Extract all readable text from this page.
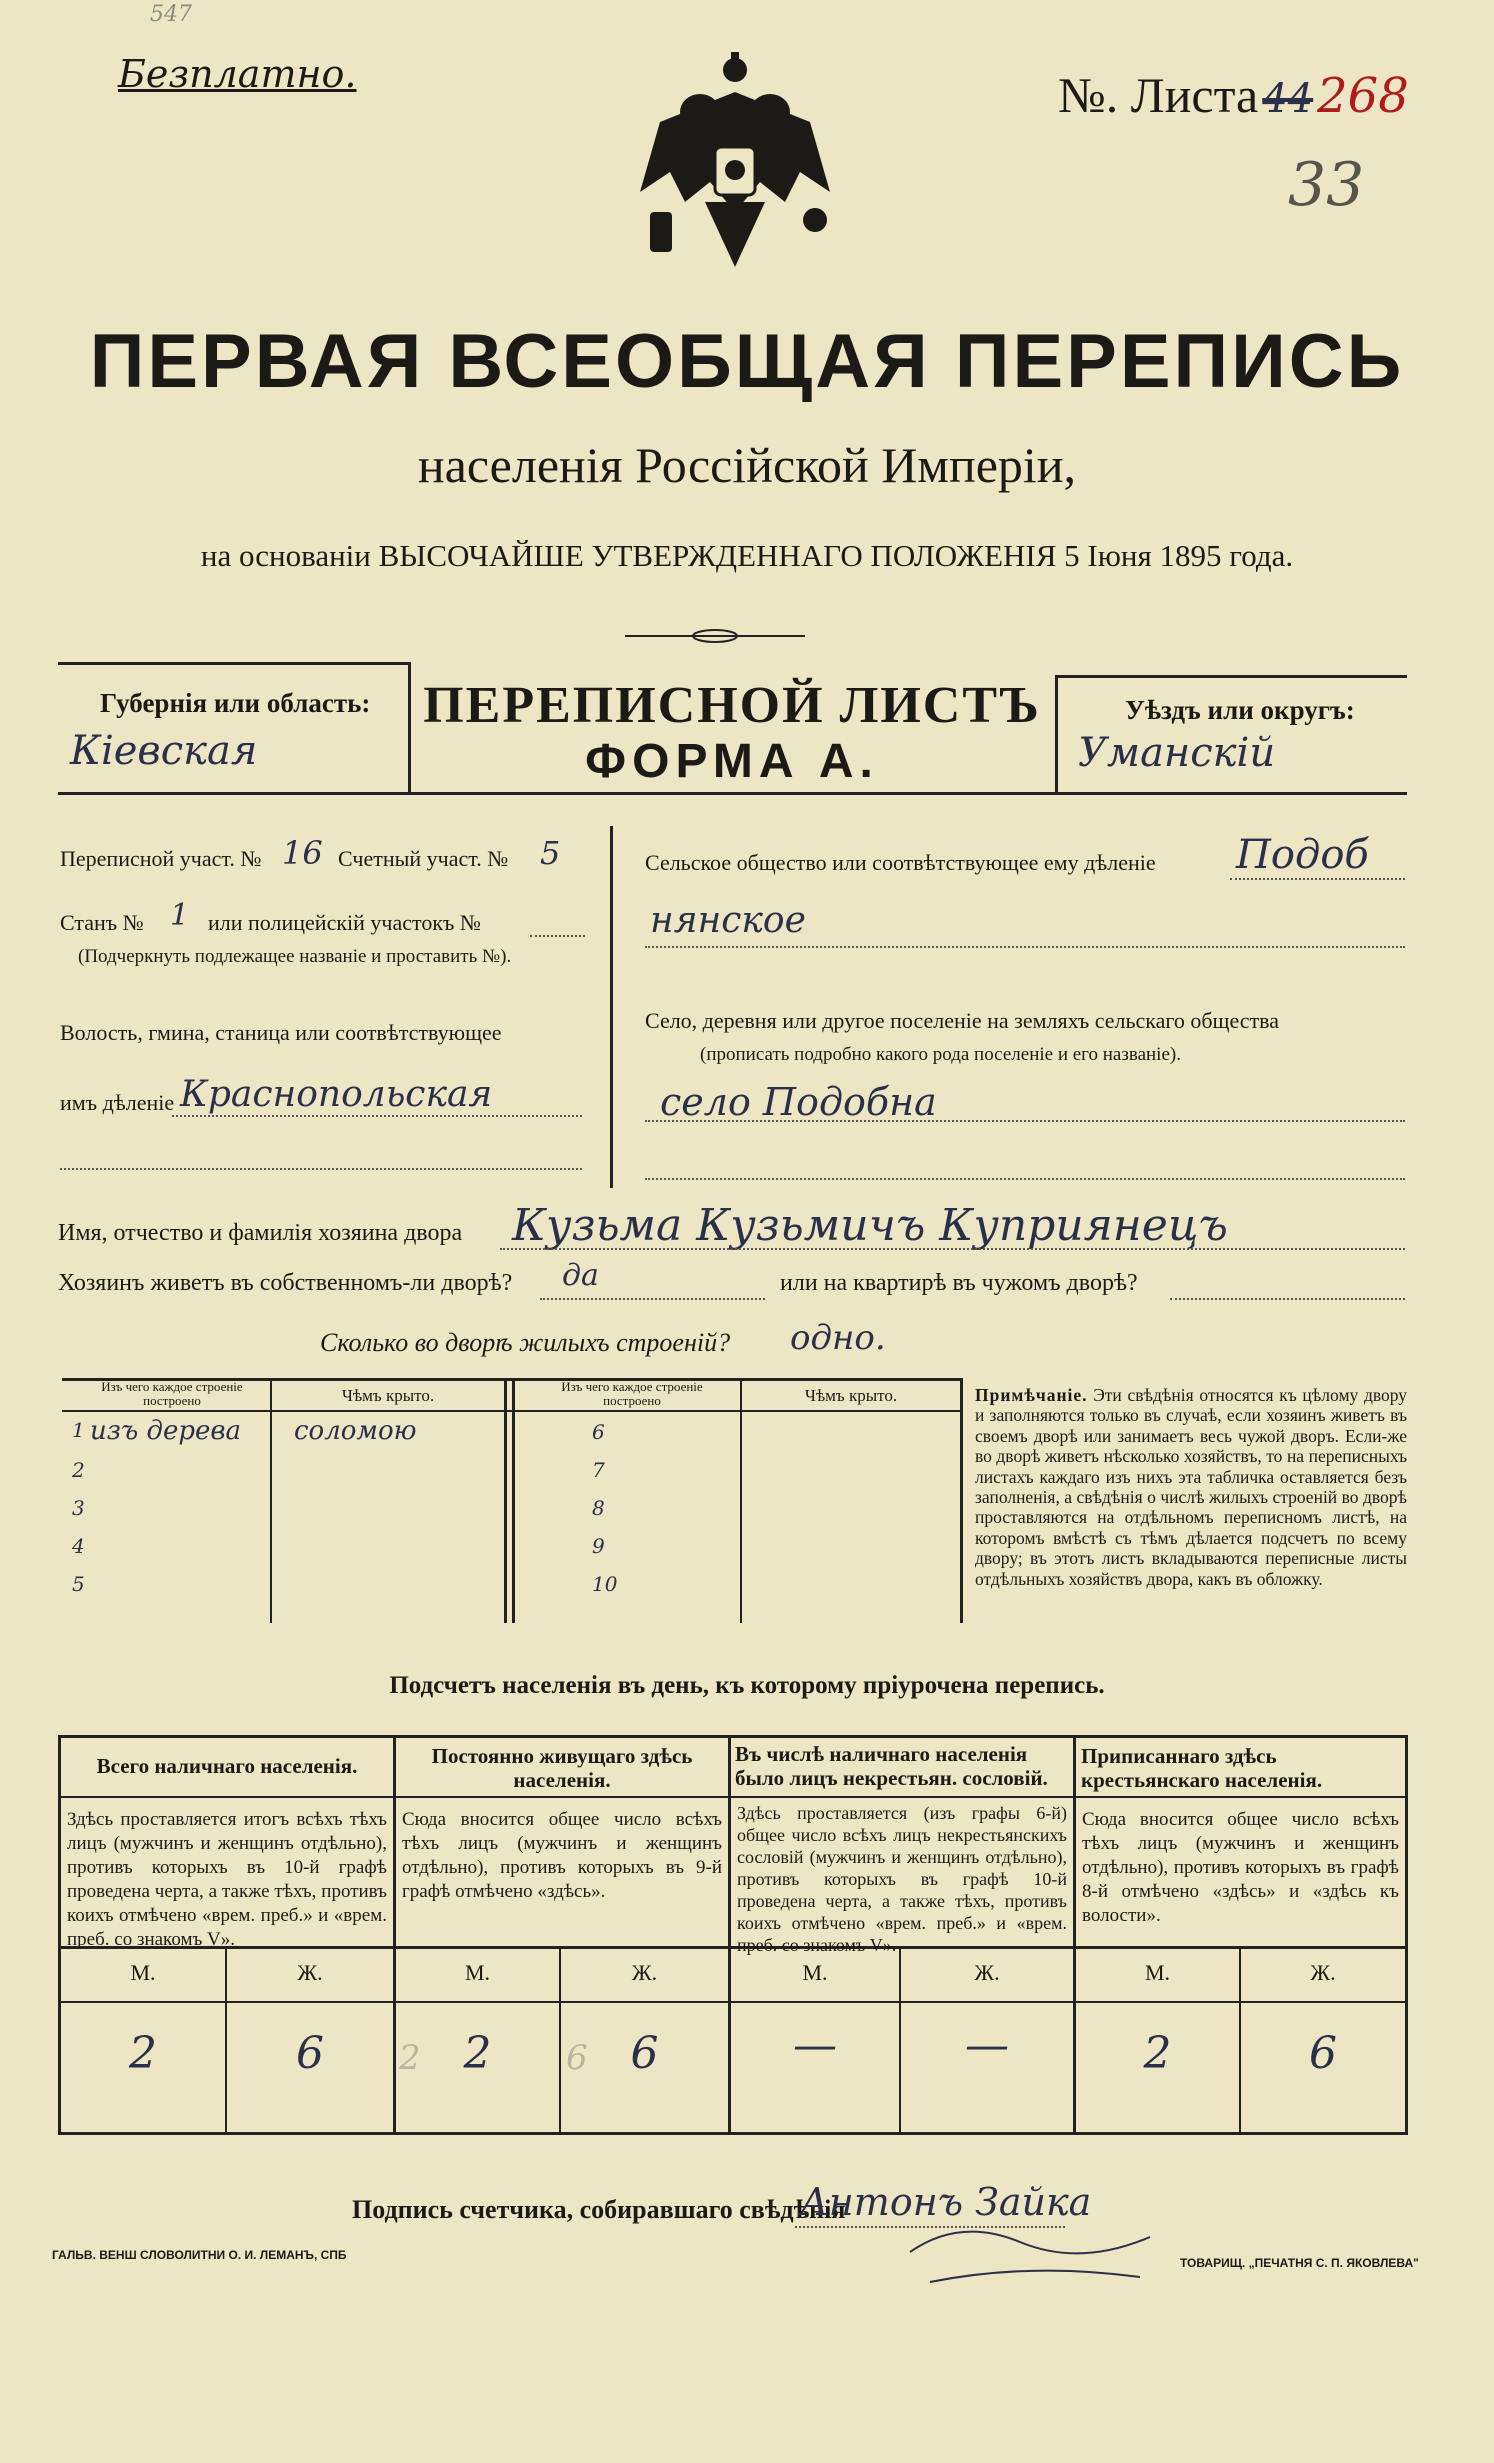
547
Безплатно.	№. Листа 44 268
33
ПЕРВАЯ ВСЕОБЩАЯ ПЕРЕПИСЬ
населенія Россійской Имперіи,
на основаніи ВЫСОЧАЙШЕ УТВЕРЖДЕННАГО ПОЛОЖЕНІЯ 5 Іюня 1895 года.
Губернія или область:
Кіевская
ПЕРЕПИСНОЙ ЛИСТЪ
ФОРМА А.
Уѣздъ или округъ:
Уманскій
Переписной участ. № 16 Счетный участ. № 5
Станъ № 1 или полицейскій участокъ №
(Подчеркнуть подлежащее названіе и проставить №).
Волость, гмина, станица или соотвѣтствующее
имъ дѣленіе Краснопольская
Сельское общество или соотвѣтствующее ему дѣленіе Подоб
нянское
Село, деревня или другое поселеніе на земляхъ сельскаго общества
(прописать подробно какого рода поселеніе и его названіе).
село Подобна
Имя, отчество и фамилія хозяина двора Кузьма Кузьмичъ Куприянецъ
Хозяинъ живетъ въ собственномъ-ли дворѣ? да	или на квартирѣ въ чужомъ дворѣ?
Сколько во дворѣ жилыхъ строеній? одно.
Изъ чего каждое строеніе построено	Чѣмъ крыто.	Изъ чего каждое строеніе построено	Чѣмъ крыто.
1 изъ дерева соломою
2
3
4
5
6
7
8
9
10
Примѣчаніе. Эти свѣдѣнія относятся къ цѣлому двору и заполняются только въ случаѣ, если хозяинъ живетъ въ своемъ дворѣ или занимаетъ весь чужой дворъ. Если-же во дворѣ живетъ нѣсколько хозяйствъ, то на переписныхъ листахъ каждаго изъ нихъ эта табличка оставляется безъ заполненія, а свѣдѣнія о числѣ жилыхъ строеній во дворѣ проставляются на отдѣльномъ переписномъ листѣ, на которомъ вмѣстѣ съ тѣмъ дѣлается подсчетъ по всему двору; въ этотъ листъ вкладываются переписные листы отдѣльныхъ хозяйствъ двора, какъ въ обложку.
Подсчетъ населенія въ день, къ которому пріурочена перепись.
Всего наличнаго населенія.
Здѣсь проставляется итогъ всѣхъ тѣхъ лицъ (мужчинъ и женщинъ отдѣльно), противъ которыхъ въ 10-й графѣ проведена черта, а также тѣхъ, противъ коихъ отмѣчено «врем. преб.» и «врем. преб. со знакомъ V».
М.	Ж.
2	6
Постоянно живущаго здѣсь населенія.
Сюда вносится общее число всѣхъ тѣхъ лицъ (мужчинъ и женщинъ отдѣльно), противъ которыхъ въ 9-й графѣ отмѣчено «здѣсь».
М.	Ж.
2 2	6 6
Въ числѣ наличнаго населенія было лицъ некрестьян. сословій.
Здѣсь проставляется (изъ графы 6-й) общее число всѣхъ лицъ некрестьянскихъ сословій (мужчинъ и женщинъ отдѣльно), противъ которыхъ въ графѣ 10-й проведена черта, а также тѣхъ, противъ коихъ отмѣчено «врем. преб.» и «врем. преб. со знакомъ V».
М.	Ж.
—	—
Приписаннаго здѣсь крестьянскаго населенія.
Сюда вносится общее число всѣхъ тѣхъ лицъ (мужчинъ и женщинъ отдѣльно), противъ которыхъ въ графѣ 8-й отмѣчено «здѣсь» и «здѣсь къ волости».
М.	Ж.
2	6
Подпись счетчика, собиравшаго свѣдѣнія
Антонъ Зайка
ГАЛЬВ. ВЕНШ СЛОВОЛИТНИ О. И. ЛЕМАНЪ, СПБ
ТОВАРИЩ. „ПЕЧАТНЯ С. П. ЯКОВЛЕВА"
